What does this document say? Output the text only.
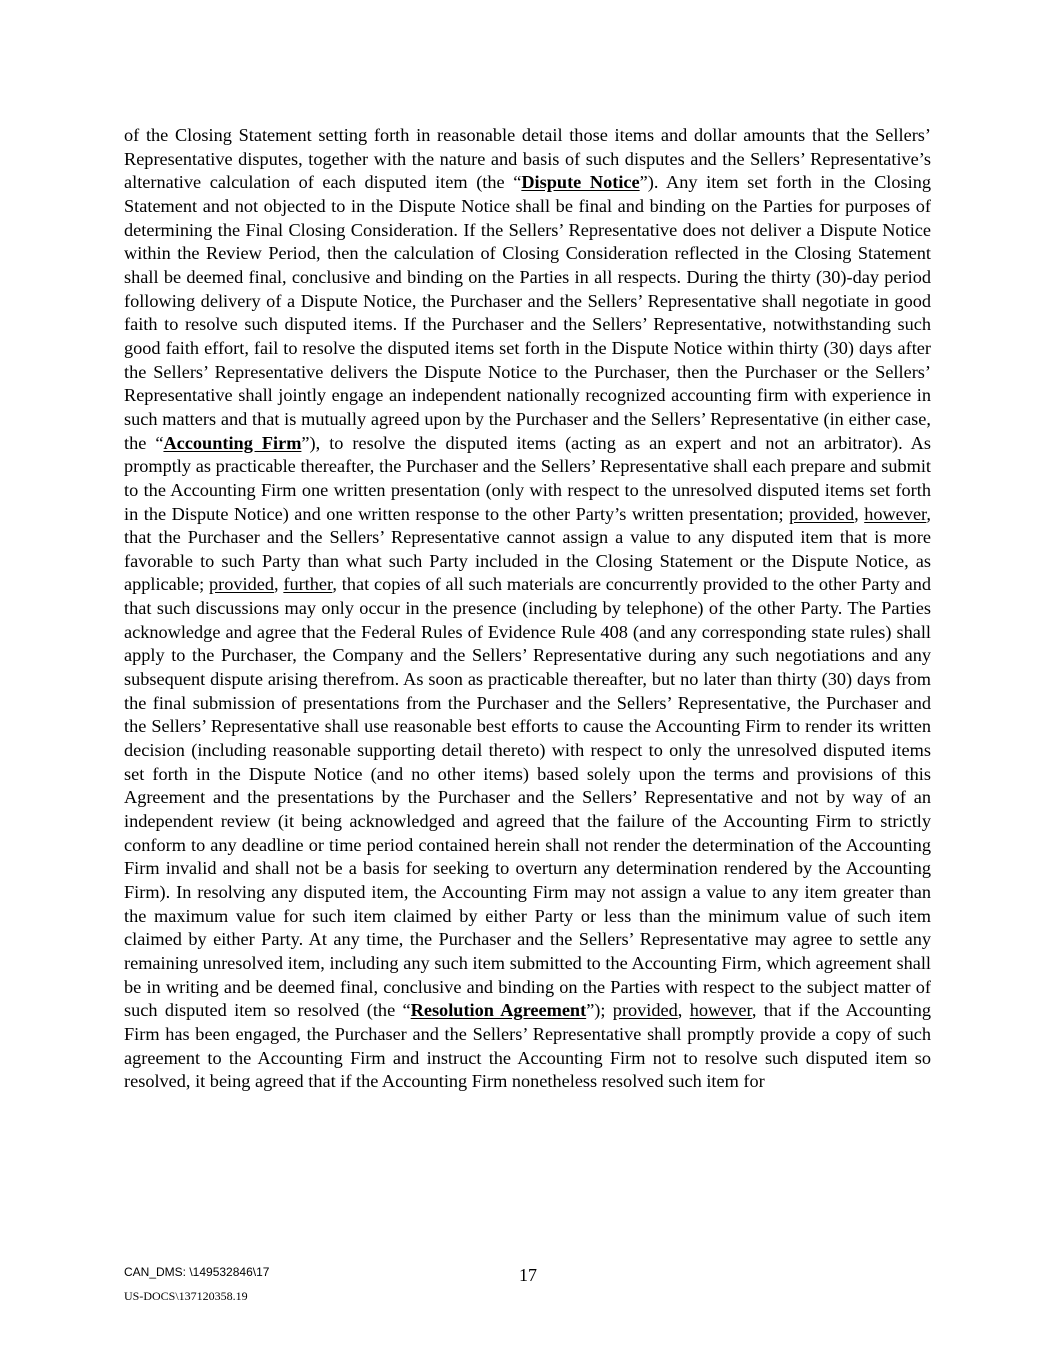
of the Closing Statement setting forth in reasonable detail those items and dollar amounts that the Sellers’ Representative disputes, together with the nature and basis of such disputes and the Sellers’ Representative’s alternative calculation of each disputed item (the “Dispute Notice”). Any item set forth in the Closing Statement and not objected to in the Dispute Notice shall be final and binding on the Parties for purposes of determining the Final Closing Consideration. If the Sellers’ Representative does not deliver a Dispute Notice within the Review Period, then the calculation of Closing Consideration reflected in the Closing Statement shall be deemed final, conclusive and binding on the Parties in all respects. During the thirty (30)-day period following delivery of a Dispute Notice, the Purchaser and the Sellers’ Representative shall negotiate in good faith to resolve such disputed items. If the Purchaser and the Sellers’ Representative, notwithstanding such good faith effort, fail to resolve the disputed items set forth in the Dispute Notice within thirty (30) days after the Sellers’ Representative delivers the Dispute Notice to the Purchaser, then the Purchaser or the Sellers’ Representative shall jointly engage an independent nationally recognized accounting firm with experience in such matters and that is mutually agreed upon by the Purchaser and the Sellers’ Representative (in either case, the “Accounting Firm”), to resolve the disputed items (acting as an expert and not an arbitrator). As promptly as practicable thereafter, the Purchaser and the Sellers’ Representative shall each prepare and submit to the Accounting Firm one written presentation (only with respect to the unresolved disputed items set forth in the Dispute Notice) and one written response to the other Party’s written presentation; provided, however, that the Purchaser and the Sellers’ Representative cannot assign a value to any disputed item that is more favorable to such Party than what such Party included in the Closing Statement or the Dispute Notice, as applicable; provided, further, that copies of all such materials are concurrently provided to the other Party and that such discussions may only occur in the presence (including by telephone) of the other Party. The Parties acknowledge and agree that the Federal Rules of Evidence Rule 408 (and any corresponding state rules) shall apply to the Purchaser, the Company and the Sellers’ Representative during any such negotiations and any subsequent dispute arising therefrom. As soon as practicable thereafter, but no later than thirty (30) days from the final submission of presentations from the Purchaser and the Sellers’ Representative, the Purchaser and the Sellers’ Representative shall use reasonable best efforts to cause the Accounting Firm to render its written decision (including reasonable supporting detail thereto) with respect to only the unresolved disputed items set forth in the Dispute Notice (and no other items) based solely upon the terms and provisions of this Agreement and the presentations by the Purchaser and the Sellers’ Representative and not by way of an independent review (it being acknowledged and agreed that the failure of the Accounting Firm to strictly conform to any deadline or time period contained herein shall not render the determination of the Accounting Firm invalid and shall not be a basis for seeking to overturn any determination rendered by the Accounting Firm). In resolving any disputed item, the Accounting Firm may not assign a value to any item greater than the maximum value for such item claimed by either Party or less than the minimum value of such item claimed by either Party. At any time, the Purchaser and the Sellers’ Representative may agree to settle any remaining unresolved item, including any such item submitted to the Accounting Firm, which agreement shall be in writing and be deemed final, conclusive and binding on the Parties with respect to the subject matter of such disputed item so resolved (the “Resolution Agreement”); provided, however, that if the Accounting Firm has been engaged, the Purchaser and the Sellers’ Representative shall promptly provide a copy of such agreement to the Accounting Firm and instruct the Accounting Firm not to resolve such disputed item so resolved, it being agreed that if the Accounting Firm nonetheless resolved such item for

CAN_DMS: \149532846\17
US-DOCS\137120358.19
17
